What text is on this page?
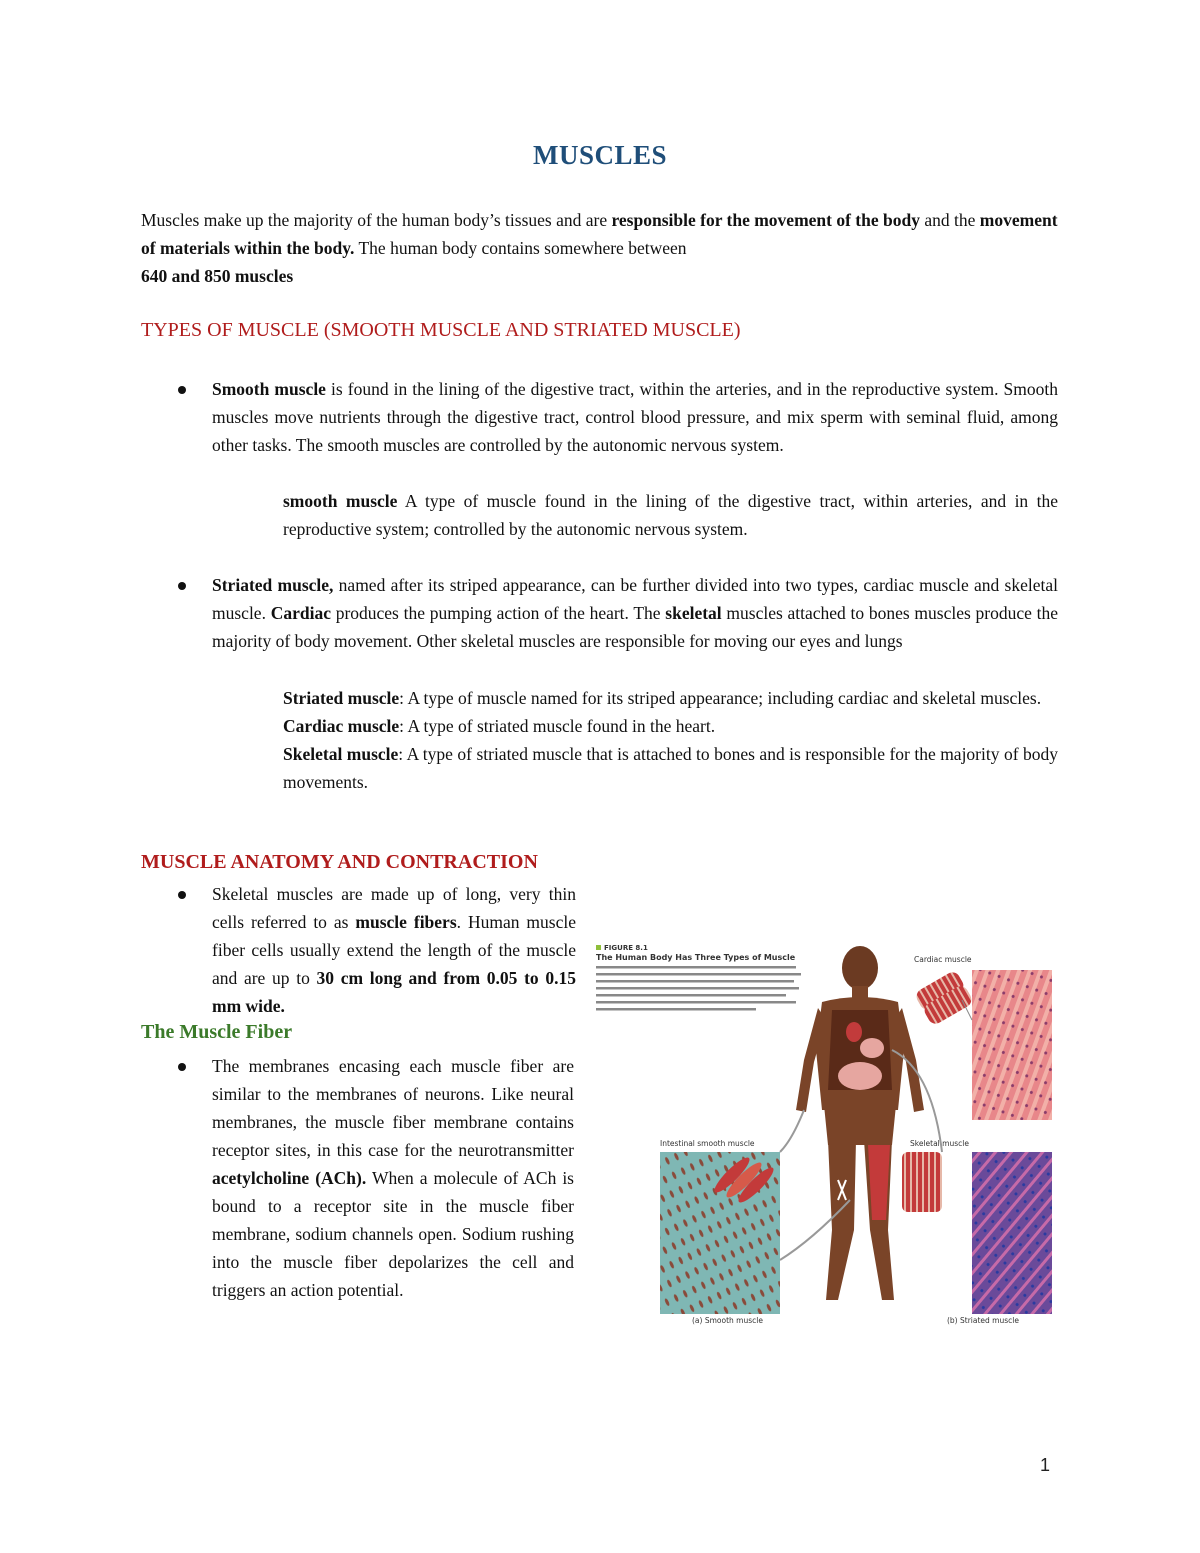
MUSCLES
Muscles make up the majority of the human body’s tissues and are responsible for the movement of the body and the movement of materials within the body. The human body contains somewhere between
640 and 850 muscles
TYPES OF MUSCLE (SMOOTH MUSCLE AND STRIATED MUSCLE)
Smooth muscle is found in the lining of the digestive tract, within the arteries, and in the reproductive system. Smooth muscles move nutrients through the digestive tract, control blood pressure, and mix sperm with seminal fluid, among other tasks. The smooth muscles are controlled by the autonomic nervous system.
smooth muscle A type of muscle found in the lining of the digestive tract, within arteries, and in the reproductive system; controlled by the autonomic nervous system.
Striated muscle, named after its striped appearance, can be further divided into two types, cardiac muscle and skeletal muscle. Cardiac produces the pumping action of the heart. The skeletal muscles attached to bones muscles produce the majority of body movement. Other skeletal muscles are responsible for moving our eyes and lungs
Striated muscle: A type of muscle named for its striped appearance; including cardiac and skeletal muscles.
Cardiac muscle: A type of striated muscle found in the heart.
Skeletal muscle: A type of striated muscle that is attached to bones and is responsible for the majority of body movements.
MUSCLE ANATOMY AND CONTRACTION
Skeletal muscles are made up of long, very thin cells referred to as muscle fibers. Human muscle fiber cells usually extend the length of the muscle and are up to 30 cm long and from 0.05 to 0.15 mm wide.
The Muscle Fiber
The membranes encasing each muscle fiber are similar to the membranes of neurons. Like neural membranes, the muscle fiber membrane contains receptor sites, in this case for the neurotransmitter acetylcholine (ACh). When a molecule of ACh is bound to a receptor site in the muscle fiber membrane, sodium channels open. Sodium rushing into the muscle fiber depolarizes the cell and triggers an action potential.
FIGURE 8.1
The Human Body Has Three Types of Muscle	Cardiac muscle
Intestinal smooth muscle
(a) Smooth muscle
Skeletal muscle
(b) Striated muscle
1
